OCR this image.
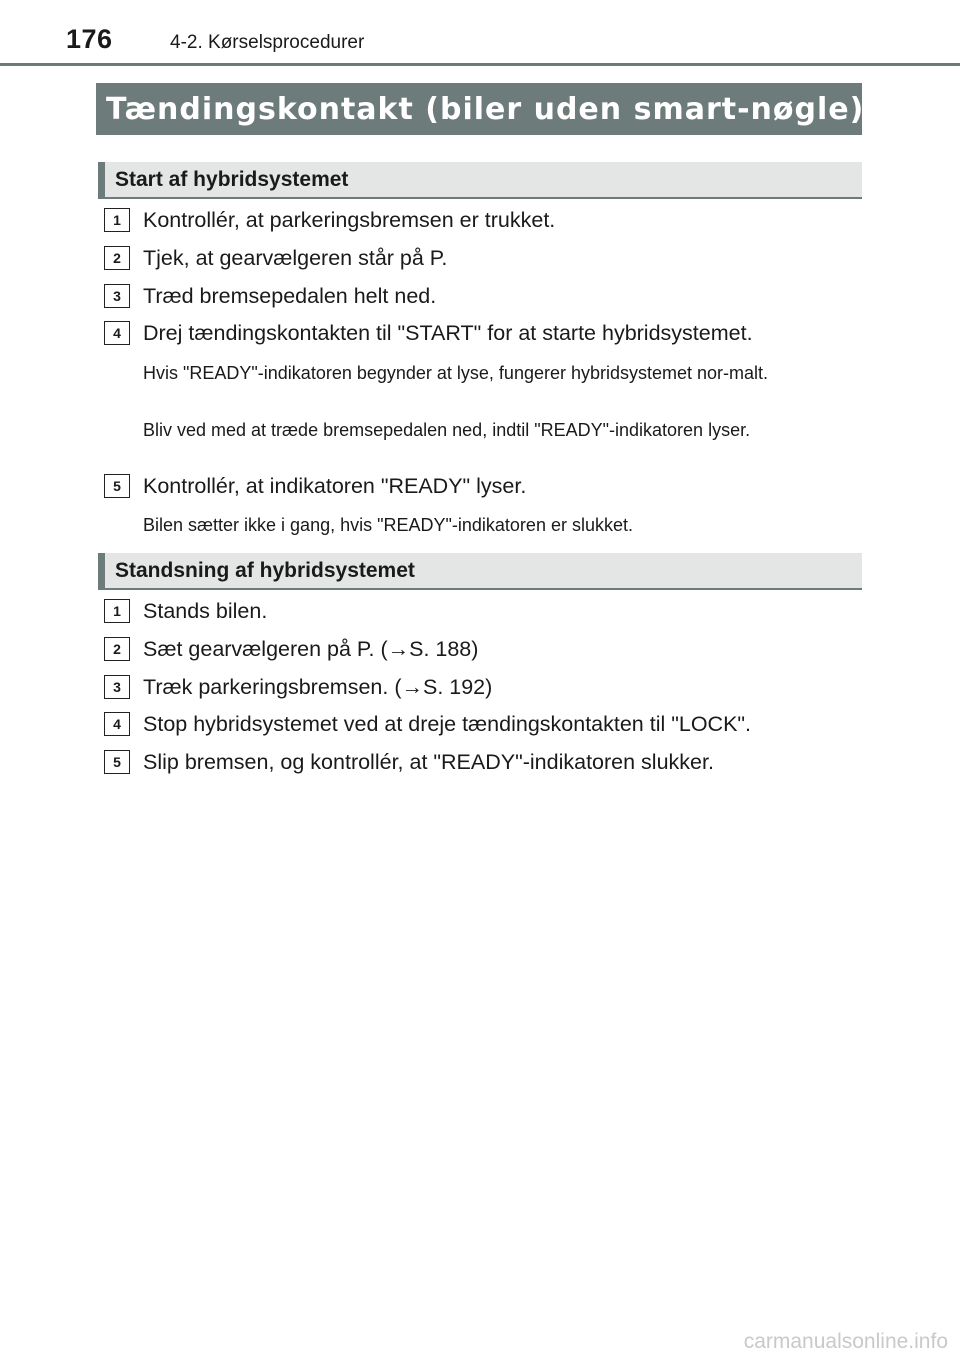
176	4-2. Kørselsprocedurer
Tændingskontakt (biler uden smart-nøgle)
Start af hybridsystemet
1	Kontrollér, at parkeringsbremsen er trukket.
2	Tjek, at gearvælgeren står på P.
3	Træd bremsepedalen helt ned.
4	Drej tændingskontakten til "START" for at starte hybridsystemet.
Hvis "READY"-indikatoren begynder at lyse, fungerer hybridsystemet nor-malt.
Bliv ved med at træde bremsepedalen ned, indtil "READY"-indikatoren lyser.
5	Kontrollér, at indikatoren "READY" lyser.
Bilen sætter ikke i gang, hvis "READY"-indikatoren er slukket.
Standsning af hybridsystemet
1	Stands bilen.
2	Sæt gearvælgeren på P. (→S. 188)
3	Træk parkeringsbremsen. (→S. 192)
4	Stop hybridsystemet ved at dreje tændingskontakten til "LOCK".
5	Slip bremsen, og kontrollér, at "READY"-indikatoren slukker.
carmanualsonline.info
